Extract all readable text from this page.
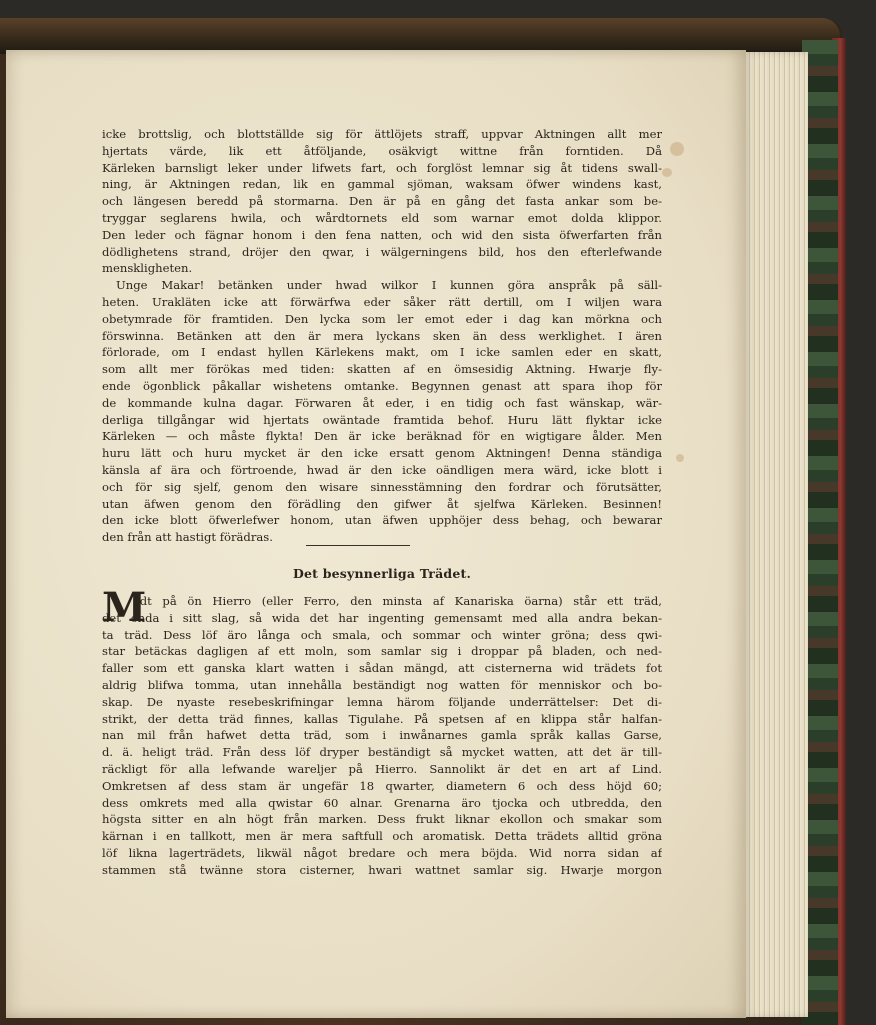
icke brottslig, och blottställde sig för ättlöjets straff, uppvar Aktningen allt mer
hjertats värde, lik ett åtföljande, osäkvigt wittne från forntiden. Då
Kärleken barnsligt leker under lifwets fart, och forglöst lemnar sig åt tidens swall-
ning, är Aktningen redan, lik en gammal sjöman, waksam öfwer windens kast,
och längesen beredd på stormarna. Den är på en gång det fasta ankar som be-
tryggar seglarens hwila, och wårdtornets eld som warnar emot dolda klippor.
Den leder och fägnar honom i den fena natten, och wid den sista öfwerfarten från
dödlighetens strand, dröjer den qwar, i wälgerningens bild, hos den efterlefwande
menskligheten.
Unge Makar! betänken under hwad wilkor I kunnen göra anspråk på säll-
heten. Urakläten icke att förwärfwa eder såker rätt dertill, om I wiljen wara
obetymrade för framtiden. Den lycka som ler emot eder i dag kan mörkna och
förswinna. Betänken att den är mera lyckans sken än dess werklighet. I ären
förlorade, om I endast hyllen Kärlekens makt, om I icke samlen eder en skatt,
som allt mer förökas med tiden: skatten af en ömsesidig Aktning. Hwarje fly-
ende ögonblick påkallar wishetens omtanke. Begynnen genast att spara ihop för
de kommande kulna dagar. Förwaren åt eder, i en tidig och fast wänskap, wär-
derliga tillgångar wid hjertats owäntade framtida behof. Huru lätt flyktar icke
Kärleken — och måste flykta! Den är icke beräknad för en wigtigare ålder. Men
huru lätt och huru mycket är den icke ersatt genom Aktningen! Denna ständiga
känsla af ära och förtroende, hwad är den icke oändligen mera wärd, icke blott i
och för sig sjelf, genom den wisare sinnesstämning den fordrar och förutsätter,
utan äfwen genom den förädling den gifwer åt sjelfwa Kärleken. Besinnen!
den icke blott öfwerlefwer honom, utan äfwen upphöjer dess behag, och bewarar
den från att hastigt förädras.
Det besynnerliga Trädet.
M
idt på ön Hierro (eller Ferro, den minsta af Kanariska öarna) står ett träd,
det enda i sitt slag, så wida det har ingenting gemensamt med alla andra bekan-
ta träd. Dess löf äro långa och smala, och sommar och winter gröna; dess qwi-
star betäckas dagligen af ett moln, som samlar sig i droppar på bladen, och ned-
faller som ett ganska klart watten i sådan mängd, att cisternerna wid trädets fot
aldrig blifwa tomma, utan innehålla beständigt nog watten för menniskor och bo-
skap. De nyaste resebeskrifningar lemna härom följande underrättelser: Det di-
strikt, der detta träd finnes, kallas Tigulahe. På spetsen af en klippa står halfan-
nan mil från hafwet detta träd, som i inwånarnes gamla språk kallas Garse,
d. ä. heligt träd. Från dess löf dryper beständigt så mycket watten, att det är till-
räckligt för alla lefwande wareljer på Hierro. Sannolikt är det en art af Lind.
Omkretsen af dess stam är ungefär 18 qwarter, diametern 6 och dess höjd 60;
dess omkrets med alla qwistar 60 alnar. Grenarna äro tjocka och utbredda, den
högsta sitter en aln högt från marken. Dess frukt liknar ekollon och smakar som
kärnan i en tallkott, men är mera saftfull och aromatisk. Detta trädets alltid gröna
löf likna lagerträdets, likwäl något bredare och mera böjda. Wid norra sidan af
stammen stå twänne stora cisterner, hwari wattnet samlar sig. Hwarje morgon
